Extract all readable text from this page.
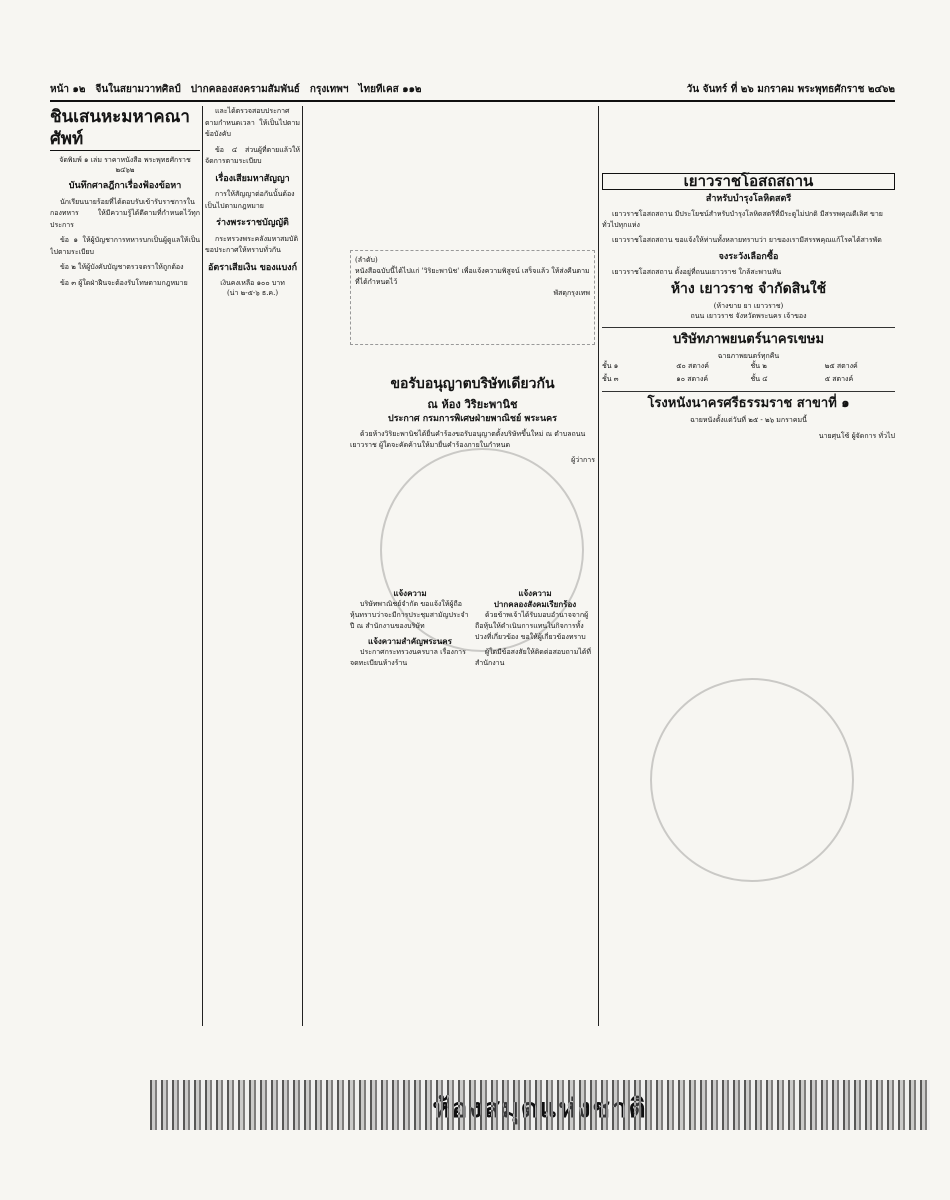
หน้า ๑๒ จีนในสยามวาทศิลป์ ปากคลองสงครามสัมพันธ์ กรุงเทพฯ ไทยทีเคส ๑๑๒	วัน จันทร์ ที่ ๒๖ มกราคม พระพุทธศักราช ๒๔๖๒
ชินเสนหะมหาคณาศัพท์
จัดพิมพ์ ๑ เล่ม ราคาหนังสือ พระพุทธศักราช ๒๔๖๒
บันทึกศาลฎีกาเรื่องฟ้องข้อหา

นักเรียนนายร้อยที่ได้ตอบรับเข้ารับราชการในกองทหาร ให้มีความรู้ได้ดีตามที่กำหนดไว้ทุกประการ

ข้อ ๑ ให้ผู้บัญชาการทหารบกเป็นผู้ดูแลให้เป็นไปตามระเบียบ

ข้อ ๒ ให้ผู้บังคับบัญชาตรวจตราให้ถูกต้อง

ข้อ ๓ ผู้ใดฝ่าฝืนจะต้องรับโทษตามกฎหมาย

และได้ตรวจสอบประกาศตามกำหนดเวลา ให้เป็นไปตามข้อบังคับ

ข้อ ๔ ส่วนผู้ที่ตายแล้วให้จัดการตามระเบียบ

เรื่องเสียมหาสัญญา

การให้สัญญาต่อกันนั้นต้องเป็นไปตามกฎหมาย

ร่างพระราชบัญญัติ

กระทรวงพระคลังมหาสมบัติขอประกาศให้ทราบทั่วกัน

อัตราเสียเงิน ของแบงก์
เงินคงเหลือ ๑๐๐ บาท
(น่า ๒-๕-๖ ธ.ค.)
(ลำดับ)
หนังสือฉบับนี้ได้ไปแก่ 'วิริยะพานิช' เพื่อแจ้งความพิสูจน์ เสร็จแล้ว ให้ส่งคืนตามที่ได้กำหนดไว้
พัสดุกรุงเทพ
ขอรับอนุญาตบริษัทเดียวกัน
ณ ห้อง วิริยะพานิช
ประกาศ กรมการพิเศษฝ่ายพาณิชย์ พระนคร

ด้วยห้างวิริยะพานิชได้ยื่นคำร้องขอรับอนุญาตตั้งบริษัทขึ้นใหม่ ณ ตำบลถนนเยาวราช ผู้ใดจะคัดค้านให้มายื่นคำร้องภายในกำหนด

ผู้ว่าการ
แจ้งความ

บริษัทพาณิชย์จำกัด ขอแจ้งให้ผู้ถือหุ้นทราบว่าจะมีการประชุมสามัญประจำปี ณ สำนักงานของบริษัท

แจ้งความสำคัญพระนคร

ประกาศกระทรวงนครบาล เรื่องการจดทะเบียนห้างร้าน

แจ้งความ
ปากคลองสังคมเรียกร้อง

ด้วยข้าพเจ้าได้รับมอบอำนาจจากผู้ถือหุ้นให้ดำเนินการแทนในกิจการทั้งปวงที่เกี่ยวข้อง ขอให้ผู้เกี่ยวข้องทราบ

ผู้ใดมีข้อสงสัยให้ติดต่อสอบถามได้ที่สำนักงาน

เยาวราชโอสถสถาน
สำหรับบำรุงโลหิตสตรี

เยาวราชโอสถสถาน มีประโยชน์สำหรับบำรุงโลหิตสตรีที่มีระดูไม่ปกติ มีสรรพคุณดีเลิศ ขายทั่วไปทุกแห่ง

เยาวราชโอสถสถาน ขอแจ้งให้ท่านทั้งหลายทราบว่า ยาของเรามีสรรพคุณแก้โรคได้สารพัด

จงระวังเลือกซื้อ

เยาวราชโอสถสถาน ตั้งอยู่ที่ถนนเยาวราช ใกล้สะพานหัน

ห้าง เยาวราช จำกัดสินใช้
(ห้างขาย ยา เยาวราช)
ถนน เยาวราช จังหวัดพระนคร เจ้าของ
บริษัทภาพยนตร์นาครเขษม
ฉายภาพยนตร์ทุกคืน
ชั้น ๑	๕๐ สตางค์	ชั้น ๒	๒๕ สตางค์
ชั้น ๓	๑๐ สตางค์	ชั้น ๔	๕ สตางค์
โรงหนังนาครศรีธรรมราช สาขาที่ ๑
ฉายหนังตั้งแต่วันที่ ๒๕ - ๒๖ มกราคมนี้
นายศุนโซ้ ผู้จัดการ ทั่วไป
ห้องสมุดแห่งชาติ
